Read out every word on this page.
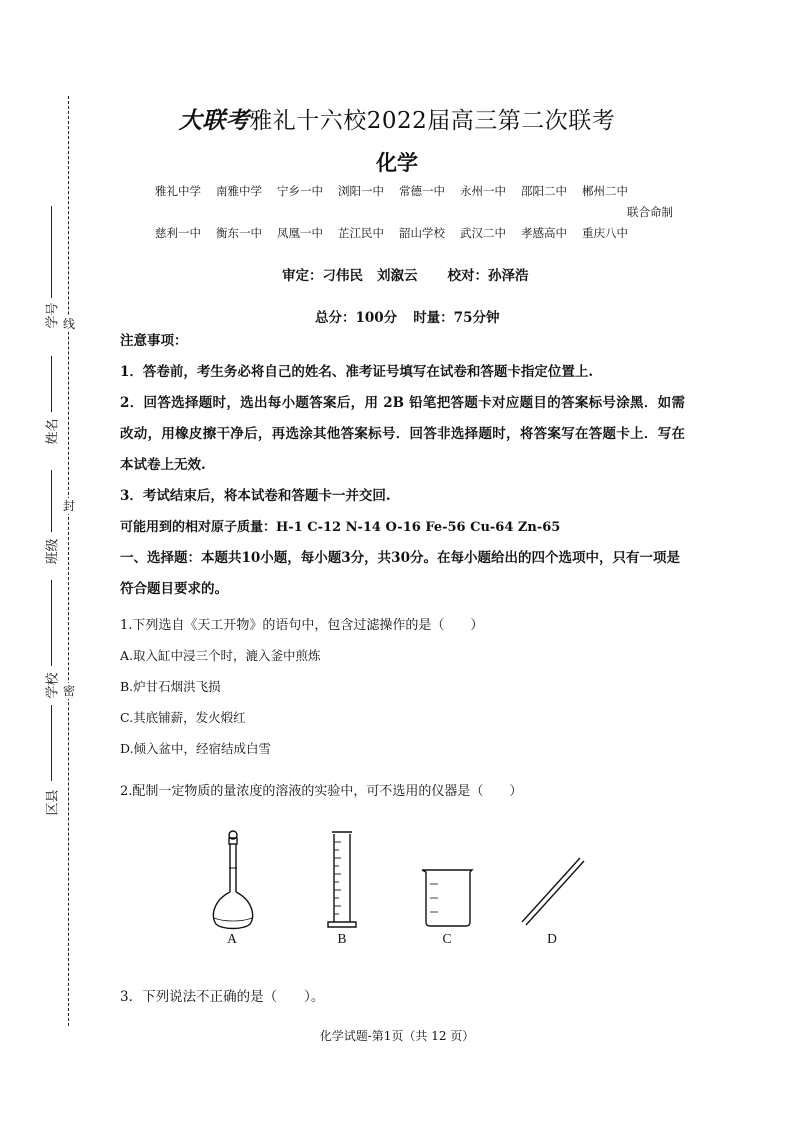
线
封
密
学号
姓名
班级
学校
区县
大联考雅礼十六校2022届高三第二次联考
化学
雅礼中学 南雅中学 宁乡一中 浏阳一中 常德一中 永州一中 邵阳二中 郴州二中
联合命制
慈利一中 衡东一中 凤凰一中 芷江民中 韶山学校 武汉二中 孝感高中 重庆八中
审定：刁伟民 刘溆云 校对：孙泽浩
总分：100分 时量：75分钟
注意事项：
1．答卷前，考生务必将自己的姓名、准考证号填写在试卷和答题卡指定位置上.
2．回答选择题时，选出每小题答案后，用 2B 铅笔把答题卡对应题目的答案标号涂黑．如需改动，用橡皮擦干净后，再选涂其他答案标号．回答非选择题时，将答案写在答题卡上．写在本试卷上无效.
3．考试结束后，将本试卷和答题卡一并交回.
可能用到的相对原子质量：H-1 C-12 N-14 O-16 Fe-56 Cu-64 Zn-65
一、选择题：本题共10小题，每小题3分，共30分。在每小题给出的四个选项中，只有一项是符合题目要求的。
1.下列选自《天工开物》的语句中，包含过滤操作的是（　　）
A.取入缸中浸三个时，漉入釜中煎炼
B.炉甘石烟洪飞损
C.其底铺薪，发火煅红
D.倾入盆中，经宿结成白雪
2.配制一定物质的量浓度的溶液的实验中，可不选用的仪器是（　　）
A	B	C	D
3．下列说法不正确的是（　　）。
化学试题-第1页（共 12 页）
